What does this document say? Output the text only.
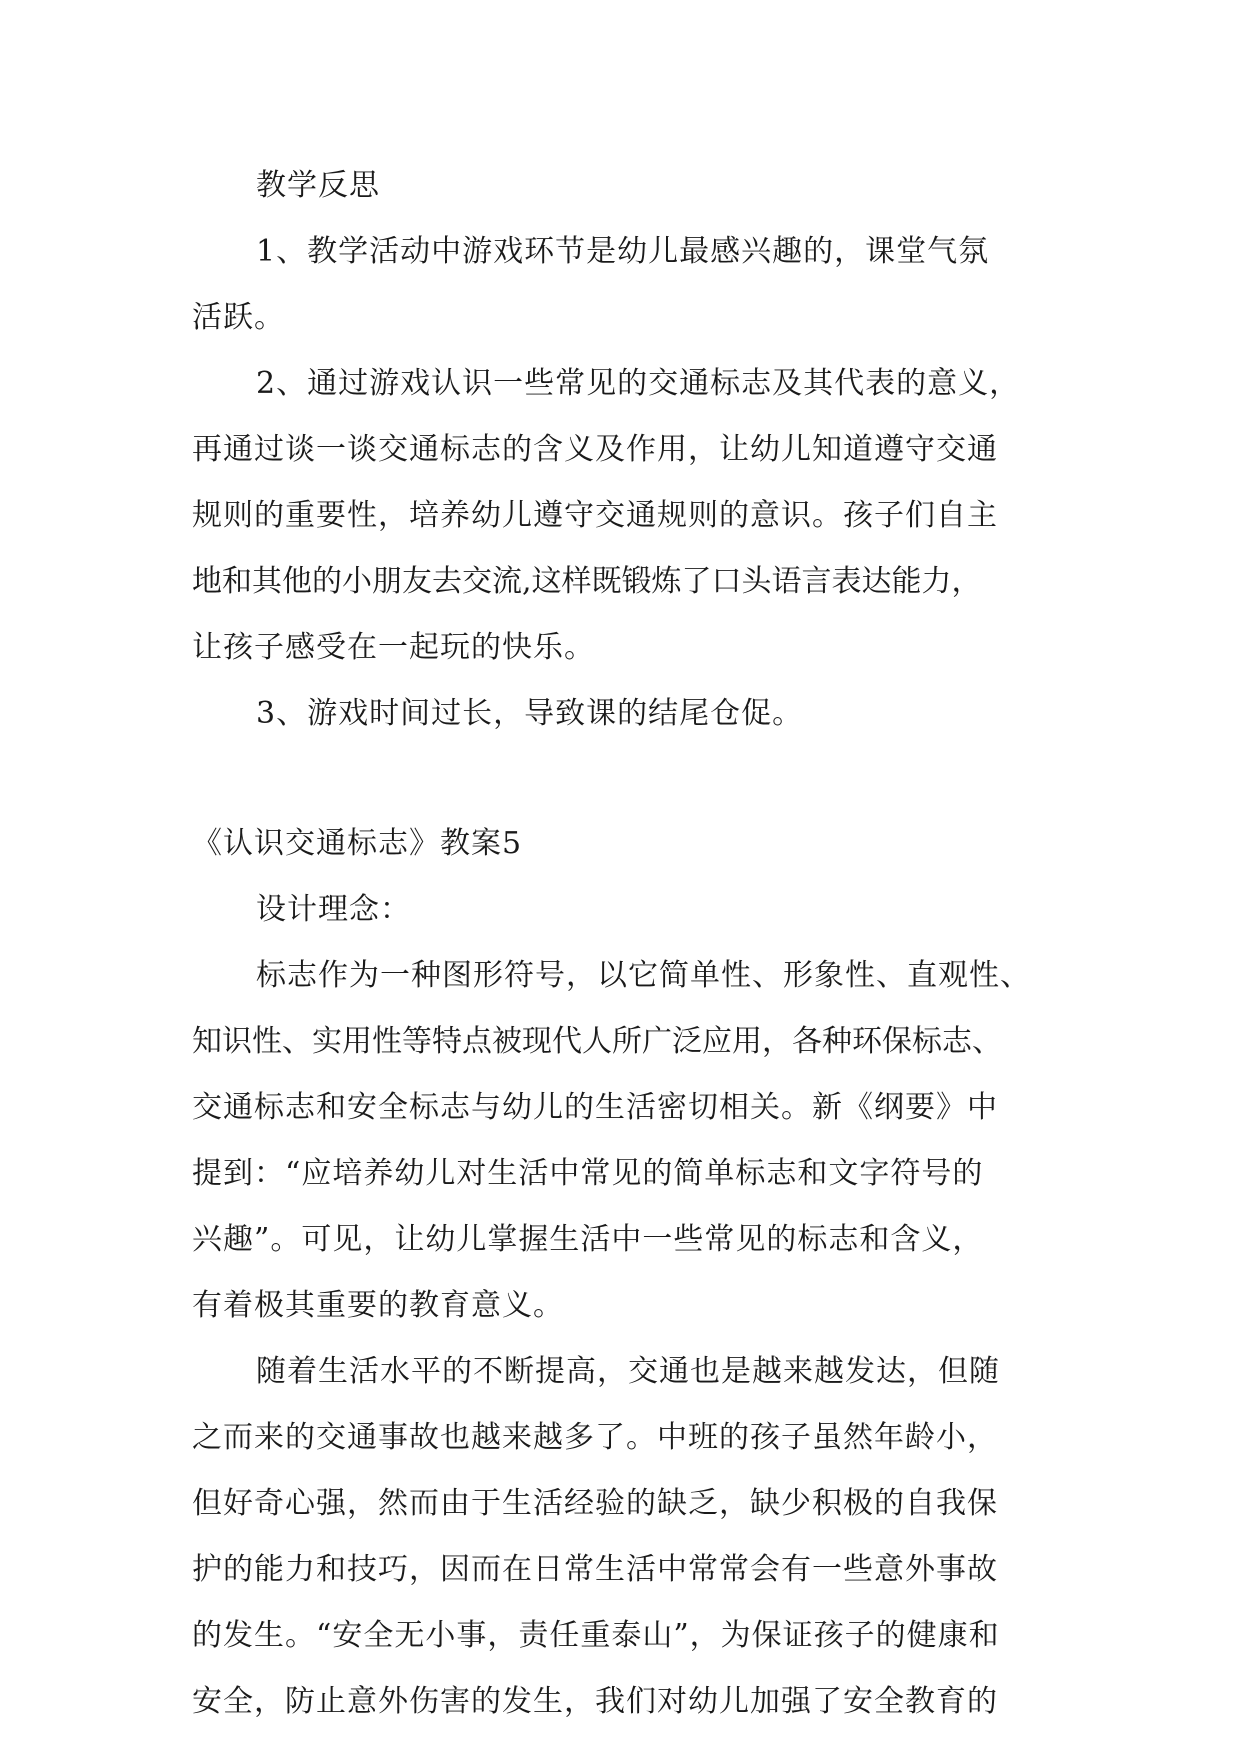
教学反思
1、教学活动中游戏环节是幼儿最感兴趣的，课堂气氛
活跃。
2、通过游戏认识一些常见的交通标志及其代表的意义，
再通过谈一谈交通标志的含义及作用，让幼儿知道遵守交通
规则的重要性，培养幼儿遵守交通规则的意识。孩子们自主
地和其他的小朋友去交流,这样既锻炼了口头语言表达能力，
让孩子感受在一起玩的快乐。
3、游戏时间过长，导致课的结尾仓促。
《认识交通标志》教案5
设计理念：
标志作为一种图形符号，以它简单性、形象性、直观性、
知识性、实用性等特点被现代人所广泛应用，各种环保标志、
交通标志和安全标志与幼儿的生活密切相关。新《纲要》中
提到：“应培养幼儿对生活中常见的简单标志和文字符号的
兴趣”。可见，让幼儿掌握生活中一些常见的标志和含义，
有着极其重要的教育意义。
随着生活水平的不断提高，交通也是越来越发达，但随
之而来的交通事故也越来越多了。中班的孩子虽然年龄小，
但好奇心强，然而由于生活经验的缺乏，缺少积极的自我保
护的能力和技巧，因而在日常生活中常常会有一些意外事故
的发生。“安全无小事，责任重泰山”，为保证孩子的健康和
安全，防止意外伤害的发生，我们对幼儿加强了安全教育的
